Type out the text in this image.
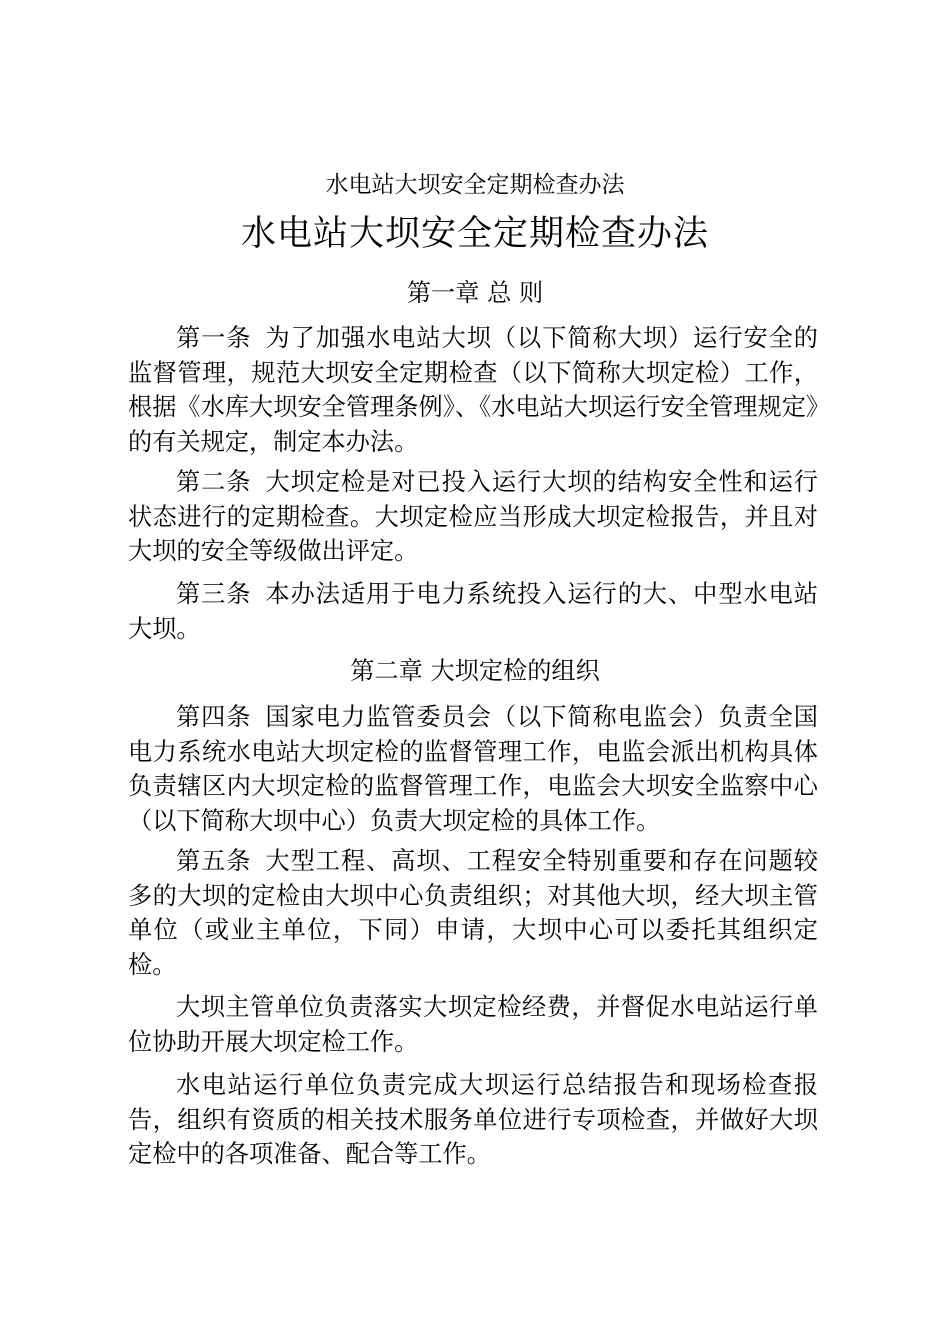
水电站大坝安全定期检查办法
水电站大坝安全定期检查办法
第一章 总 则
第一条 为了加强水电站大坝（以下简称大坝）运行安全的监督管理，规范大坝安全定期检查（以下简称大坝定检）工作，根据《水库大坝安全管理条例》、《水电站大坝运行安全管理规定》的有关规定，制定本办法。
第二条 大坝定检是对已投入运行大坝的结构安全性和运行状态进行的定期检查。大坝定检应当形成大坝定检报告，并且对大坝的安全等级做出评定。
第三条 本办法适用于电力系统投入运行的大、中型水电站大坝。
第二章 大坝定检的组织
第四条 国家电力监管委员会（以下简称电监会）负责全国电力系统水电站大坝定检的监督管理工作，电监会派出机构具体负责辖区内大坝定检的监督管理工作，电监会大坝安全监察中心（以下简称大坝中心）负责大坝定检的具体工作。
第五条 大型工程、高坝、工程安全特别重要和存在问题较多的大坝的定检由大坝中心负责组织；对其他大坝，经大坝主管单位（或业主单位，下同）申请，大坝中心可以委托其组织定检。
大坝主管单位负责落实大坝定检经费，并督促水电站运行单位协助开展大坝定检工作。
水电站运行单位负责完成大坝运行总结报告和现场检查报告，组织有资质的相关技术服务单位进行专项检查，并做好大坝定检中的各项准备、配合等工作。
